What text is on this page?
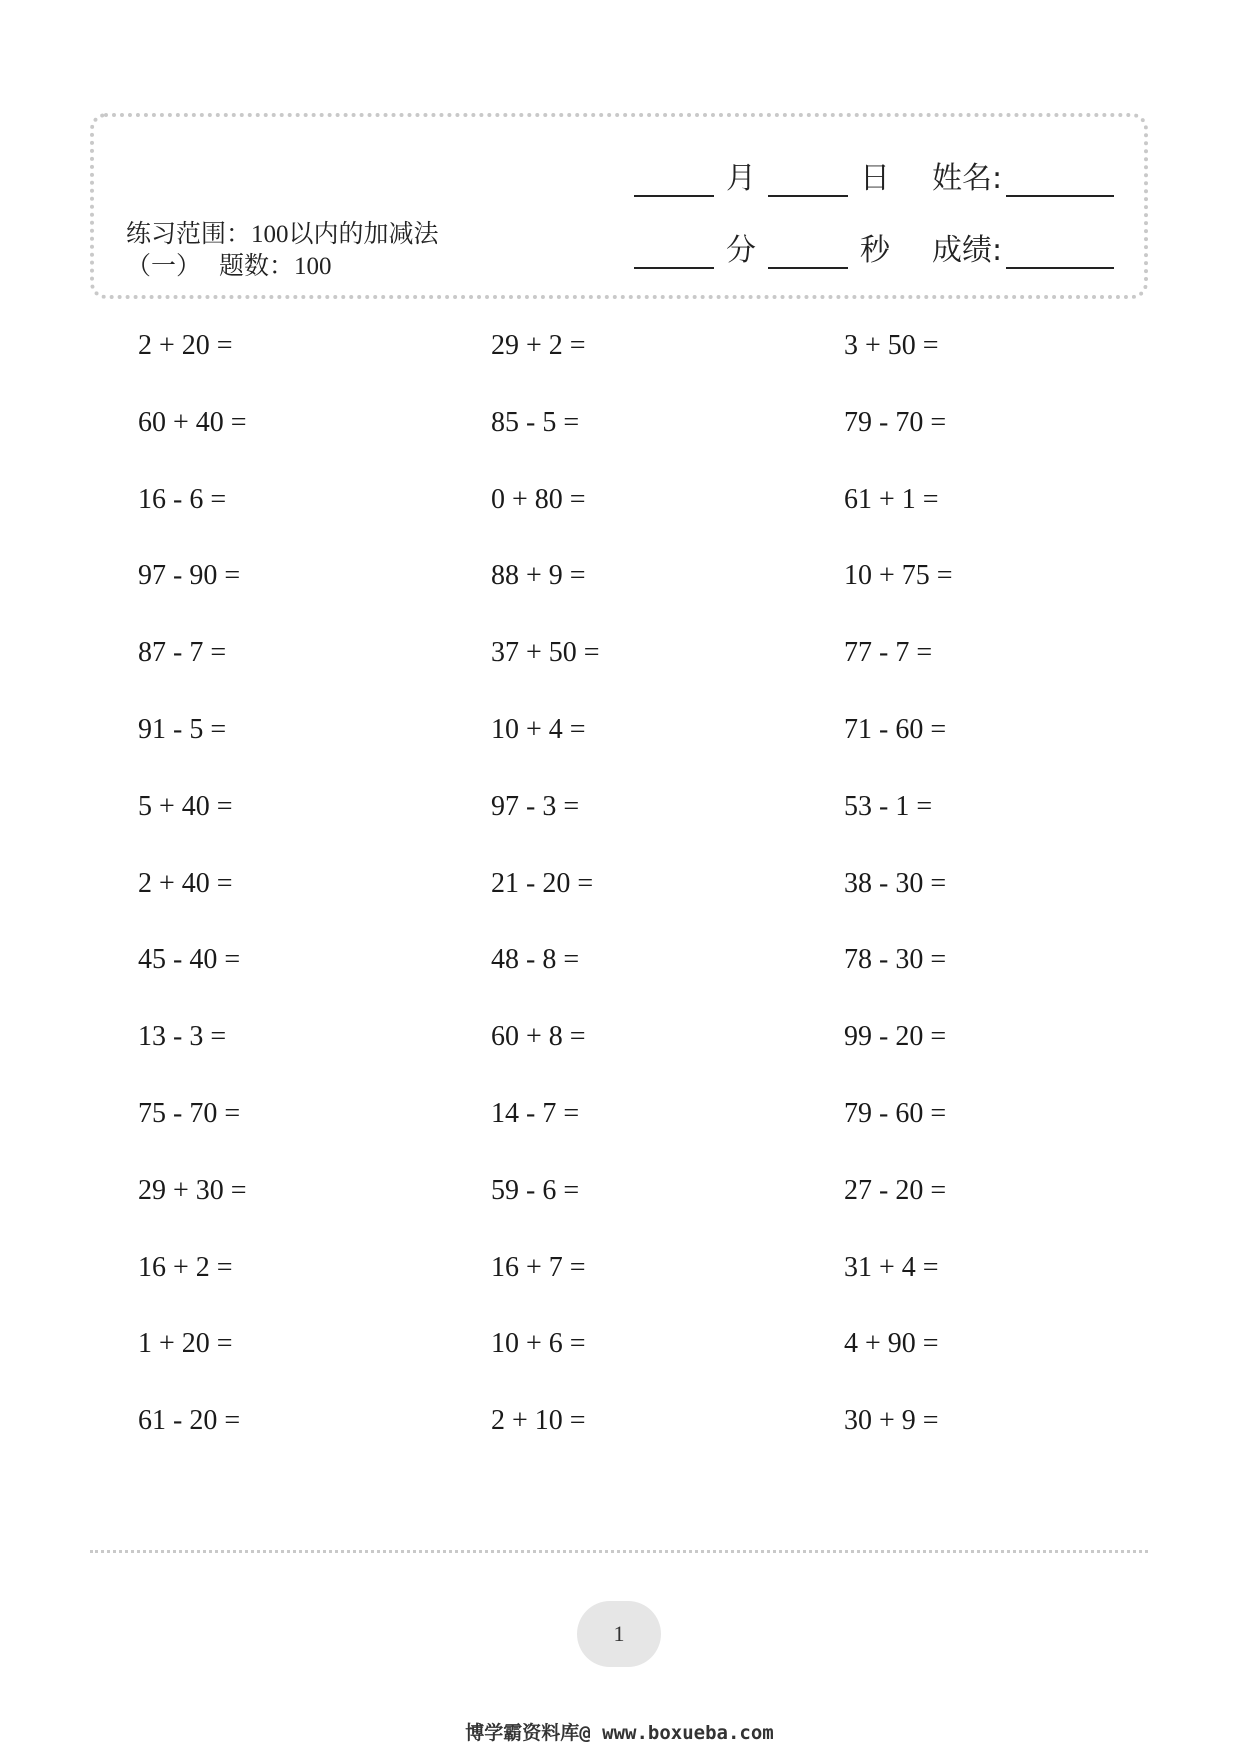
月	日 姓名:
练习范围：100以内的加减法
（一） 题数：100	分	秒 成绩:
2 + 20 =	29 + 2 =	3 + 50 =
60 + 40 =	85 - 5 =	79 - 70 =
16 - 6 =	0 + 80 =	61 + 1 =
97 - 90 =	88 + 9 =	10 + 75 =
87 - 7 =	37 + 50 =	77 - 7 =
91 - 5 =	10 + 4 =	71 - 60 =
5 + 40 =	97 - 3 =	53 - 1 =
2 + 40 =	21 - 20 =	38 - 30 =
45 - 40 =	48 - 8 =	78 - 30 =
13 - 3 =	60 + 8 =	99 - 20 =
75 - 70 =	14 - 7 =	79 - 60 =
29 + 30 =	59 - 6 =	27 - 20 =
16 + 2 =	16 + 7 =	31 + 4 =
1 + 20 =	10 + 6 =	4 + 90 =
61 - 20 =	2 + 10 =	30 + 9 =
1
博学霸资料库@ www.boxueba.com
